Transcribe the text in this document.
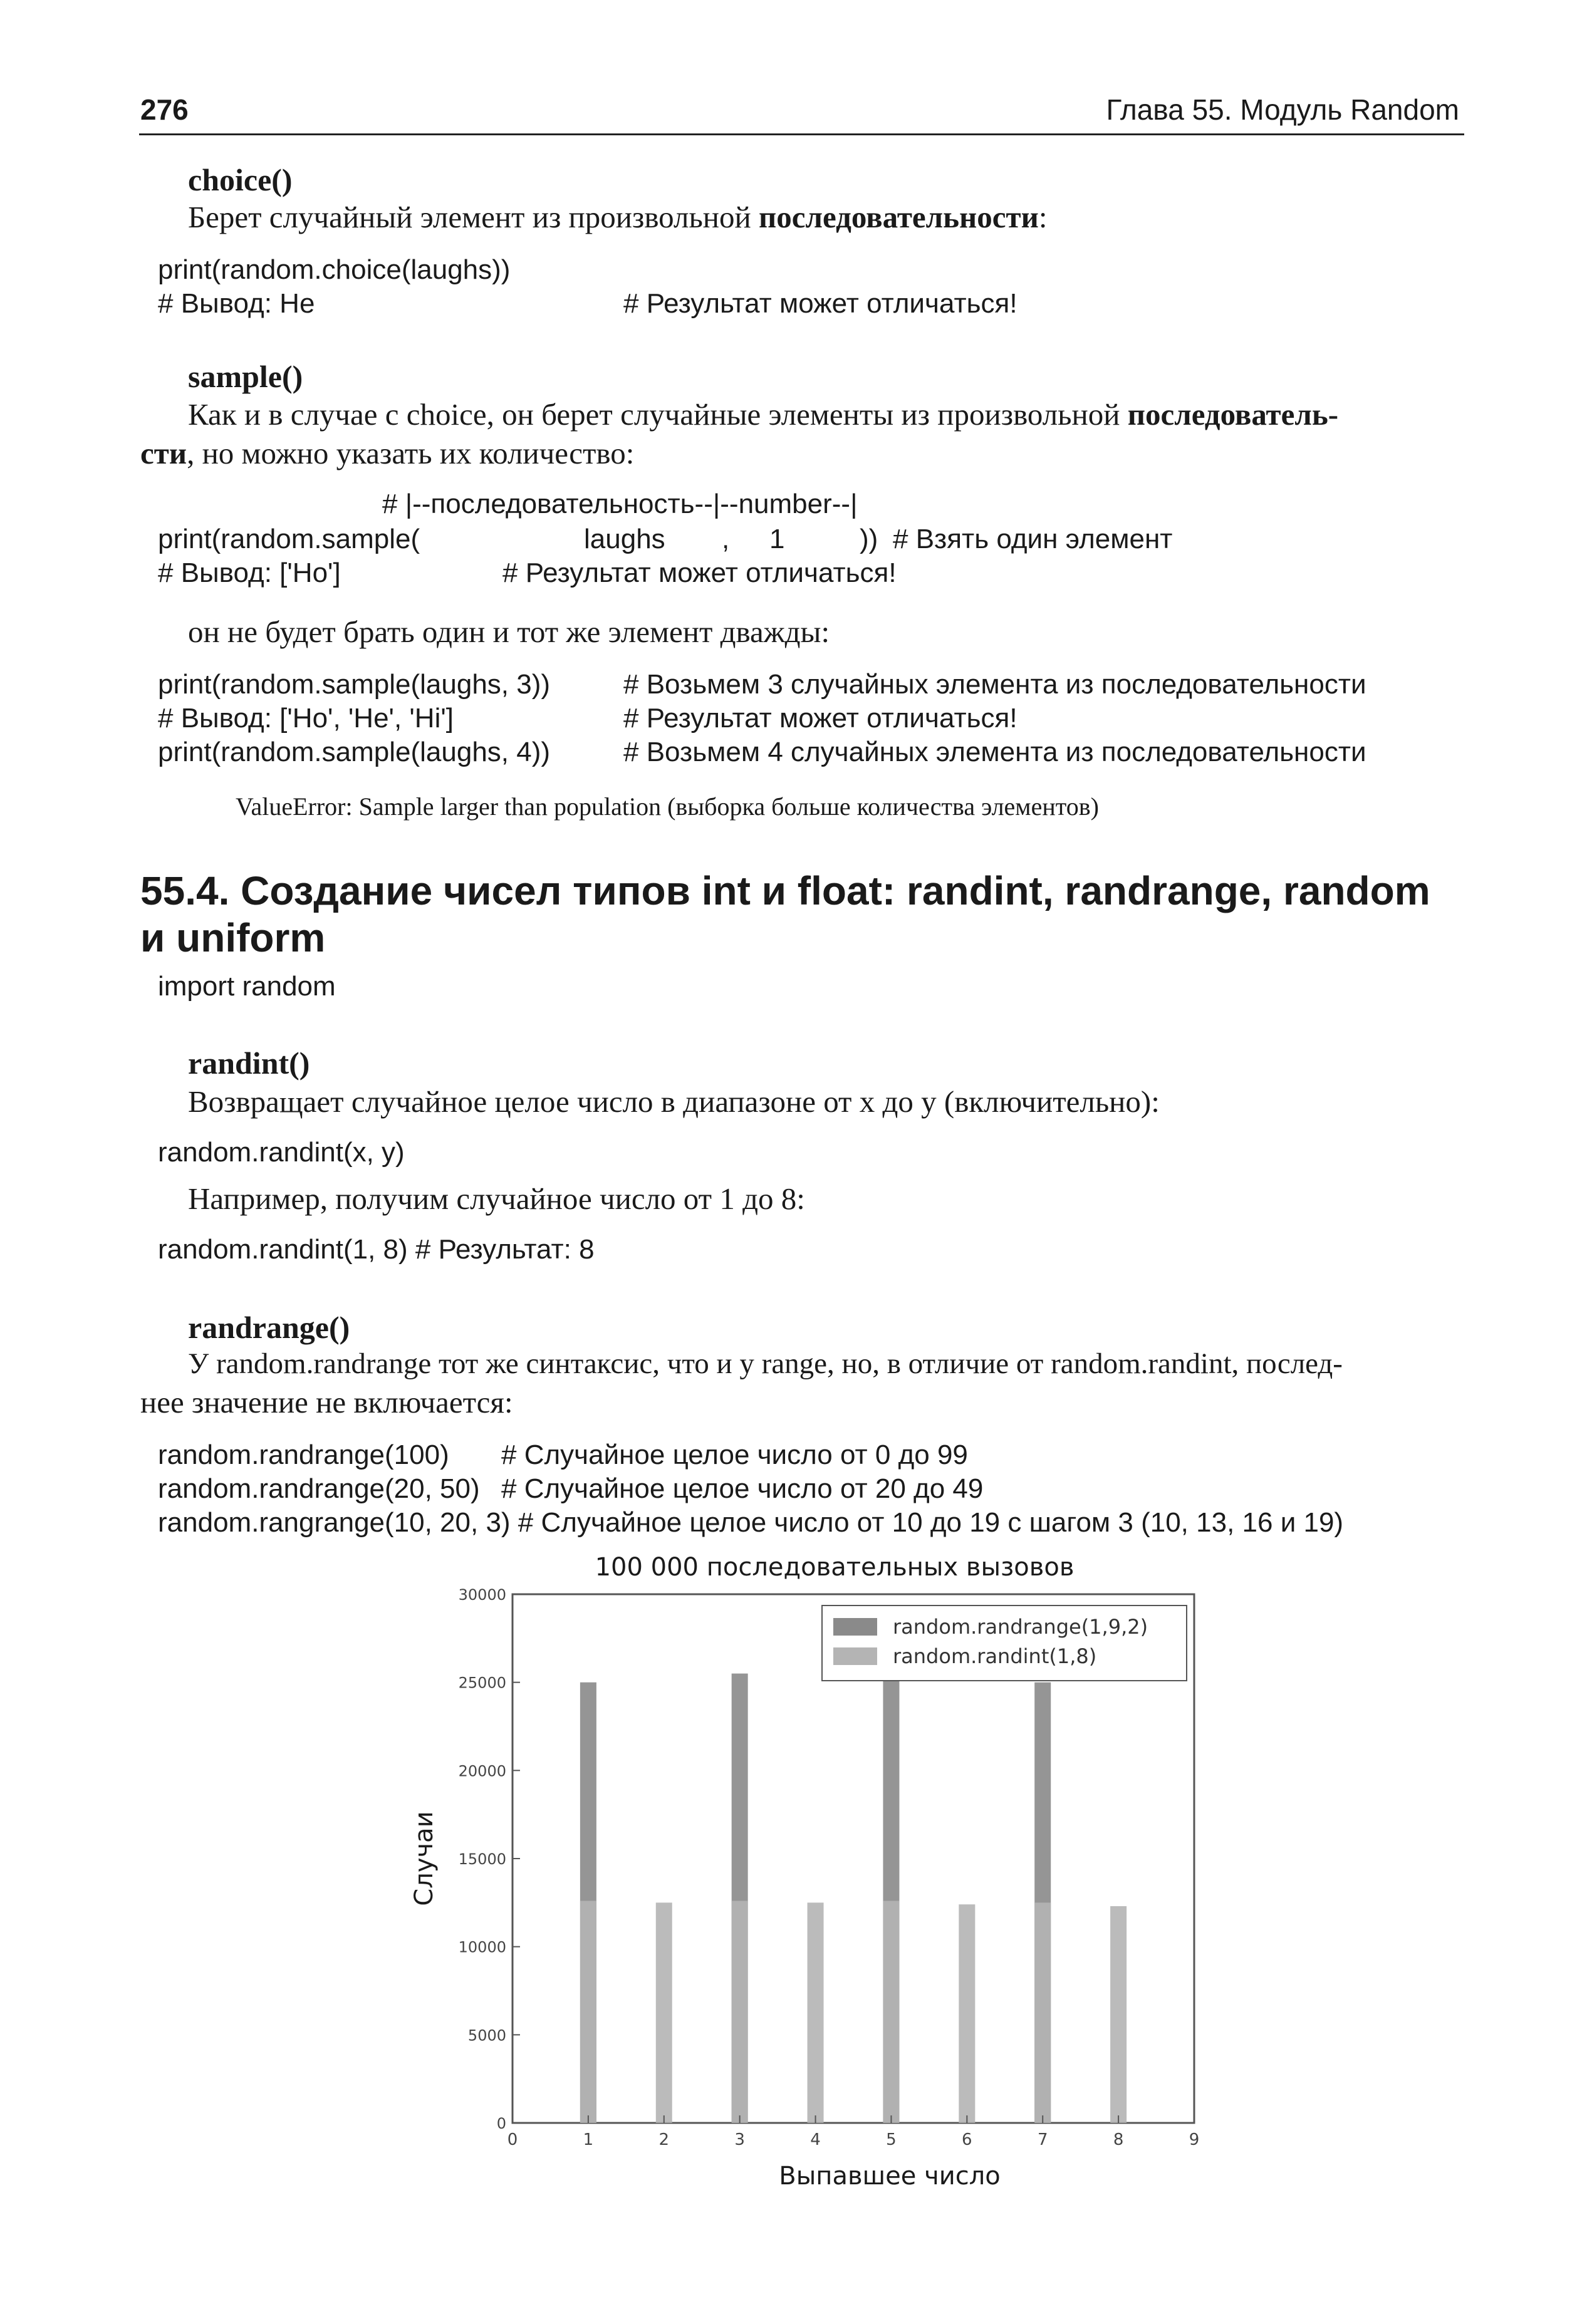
276	Глава 55. Модуль Random
choice()
Берет случайный элемент из произвольной последовательности:
print(random.choice(laughs))
# Вывод: Не	# Результат может отличаться!
sample()
Как и в случае с choice, он берет случайные элементы из произвольной последователь-
сти, но можно указать их количество:
# |--последовательность--|--number--|
print(random.sample(	laughs , 1	)) # Взять один элемент
# Вывод: ['Ho']	# Результат может отличаться!
он не будет брать один и тот же элемент дважды:
print(random.sample(laughs, 3))	# Возьмем 3 случайных элемента из последовательности
# Вывод: ['Ho', 'He', 'Hi']	# Результат может отличаться!
print(random.sample(laughs, 4))	# Возьмем 4 случайных элемента из последовательности
ValueError: Sample larger than population (выборка больше количества элементов)
55.4. Создание чисел типов int и float: randint, randrange, random
и uniform
import random
randint()
Возвращает случайное целое число в диапазоне от x до y (включительно):
random.randint(x, y)
Например, получим случайное число от 1 до 8:
random.randint(1, 8) # Результат: 8
randrange()
У random.randrange тот же синтаксис, что и у range, но, в отличие от random.randint, послед-
нее значение не включается:
random.randrange(100) # Случайное целое число от 0 до 99
random.randrange(20, 50) # Случайное целое число от 20 до 49
random.rangrange(10, 20, 3) # Случайное целое число от 10 до 19 с шагом 3 (10, 13, 16 и 19)
100 000 последовательных вызовов
0	1	2	3	4	5	6	7	8	9
0
5000
10000
15000
20000
25000
30000
Выпавшее число
Случаи
random.randrange(1,9,2)
random.randint(1,8)
